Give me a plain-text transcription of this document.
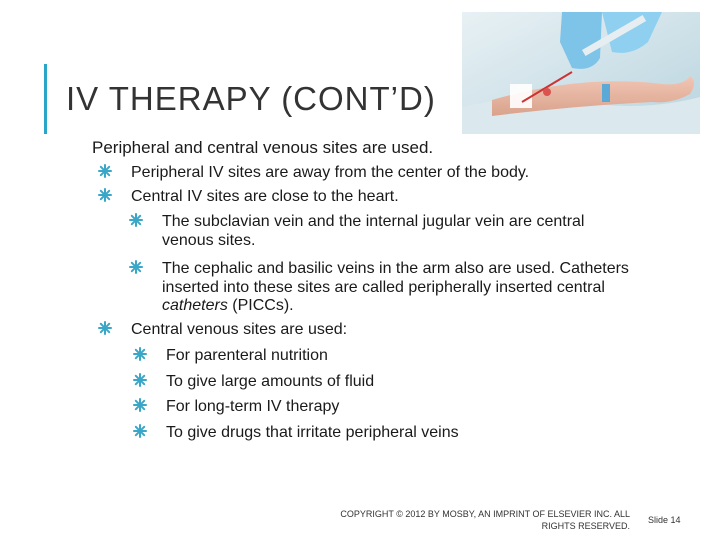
IV THERAPY (CONT’D)

Peripheral and central venous sites are used.

Peripheral IV sites are away from the center of the body.

Central IV sites are close to the heart.

The subclavian vein and the internal jugular vein are central

venous sites.

The cephalic and basilic veins in the arm also are used. Catheters

inserted into these sites are called peripherally inserted central

catheters (PICCs).

Central venous sites are used:

For parenteral nutrition

To give large amounts of fluid

For long-term IV therapy

To give drugs that irritate peripheral veins

COPYRIGHT © 2012 BY MOSBY, AN IMPRINT OF ELSEVIER INC. ALL
RIGHTS RESERVED.

Slide 14
